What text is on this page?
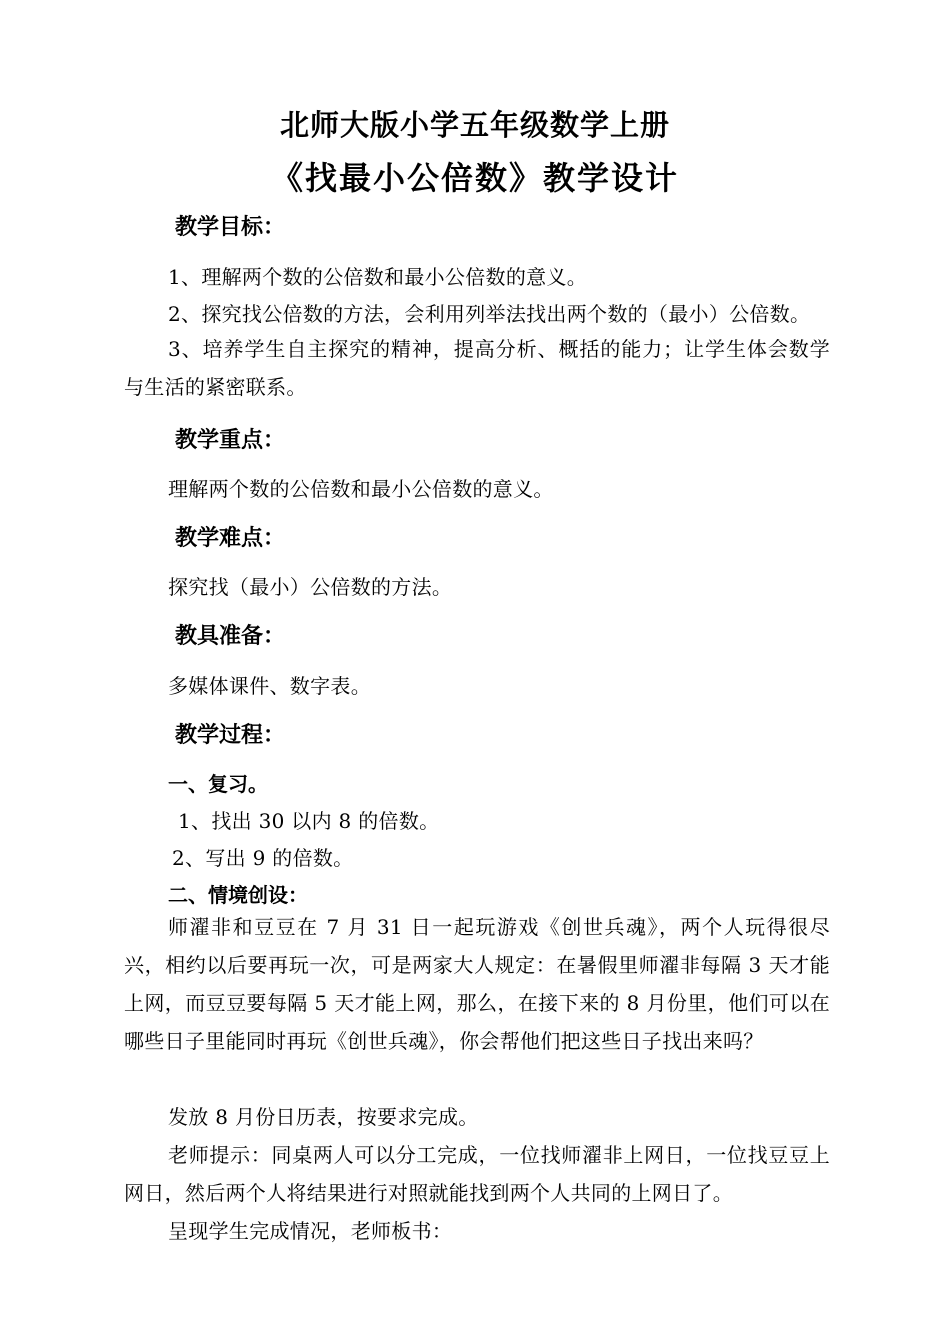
北师大版小学五年级数学上册
《找最小公倍数》教学设计
教学目标：
1、理解两个数的公倍数和最小公倍数的意义。
2、探究找公倍数的方法，会利用列举法找出两个数的（最小）公倍数。
3、培养学生自主探究的精神，提高分析、概括的能力；让学生体会数学与生活的紧密联系。
教学重点：
理解两个数的公倍数和最小公倍数的意义。
教学难点：
探究找（最小）公倍数的方法。
教具准备：
多媒体课件、数字表。
教学过程：
一、复习。
1、找出 30 以内 8 的倍数。
2、写出 9 的倍数。
二、情境创设：
师濯非和豆豆在 7 月 31 日一起玩游戏《创世兵魂》，两个人玩得很尽兴，相约以后要再玩一次，可是两家大人规定：在暑假里师濯非每隔 3 天才能上网，而豆豆要每隔 5 天才能上网，那么，在接下来的 8 月份里，他们可以在哪些日子里能同时再玩《创世兵魂》，你会帮他们把这些日子找出来吗？
发放 8 月份日历表，按要求完成。
老师提示：同桌两人可以分工完成，一位找师濯非上网日，一位找豆豆上网日，然后两个人将结果进行对照就能找到两个人共同的上网日了。
呈现学生完成情况，老师板书：
